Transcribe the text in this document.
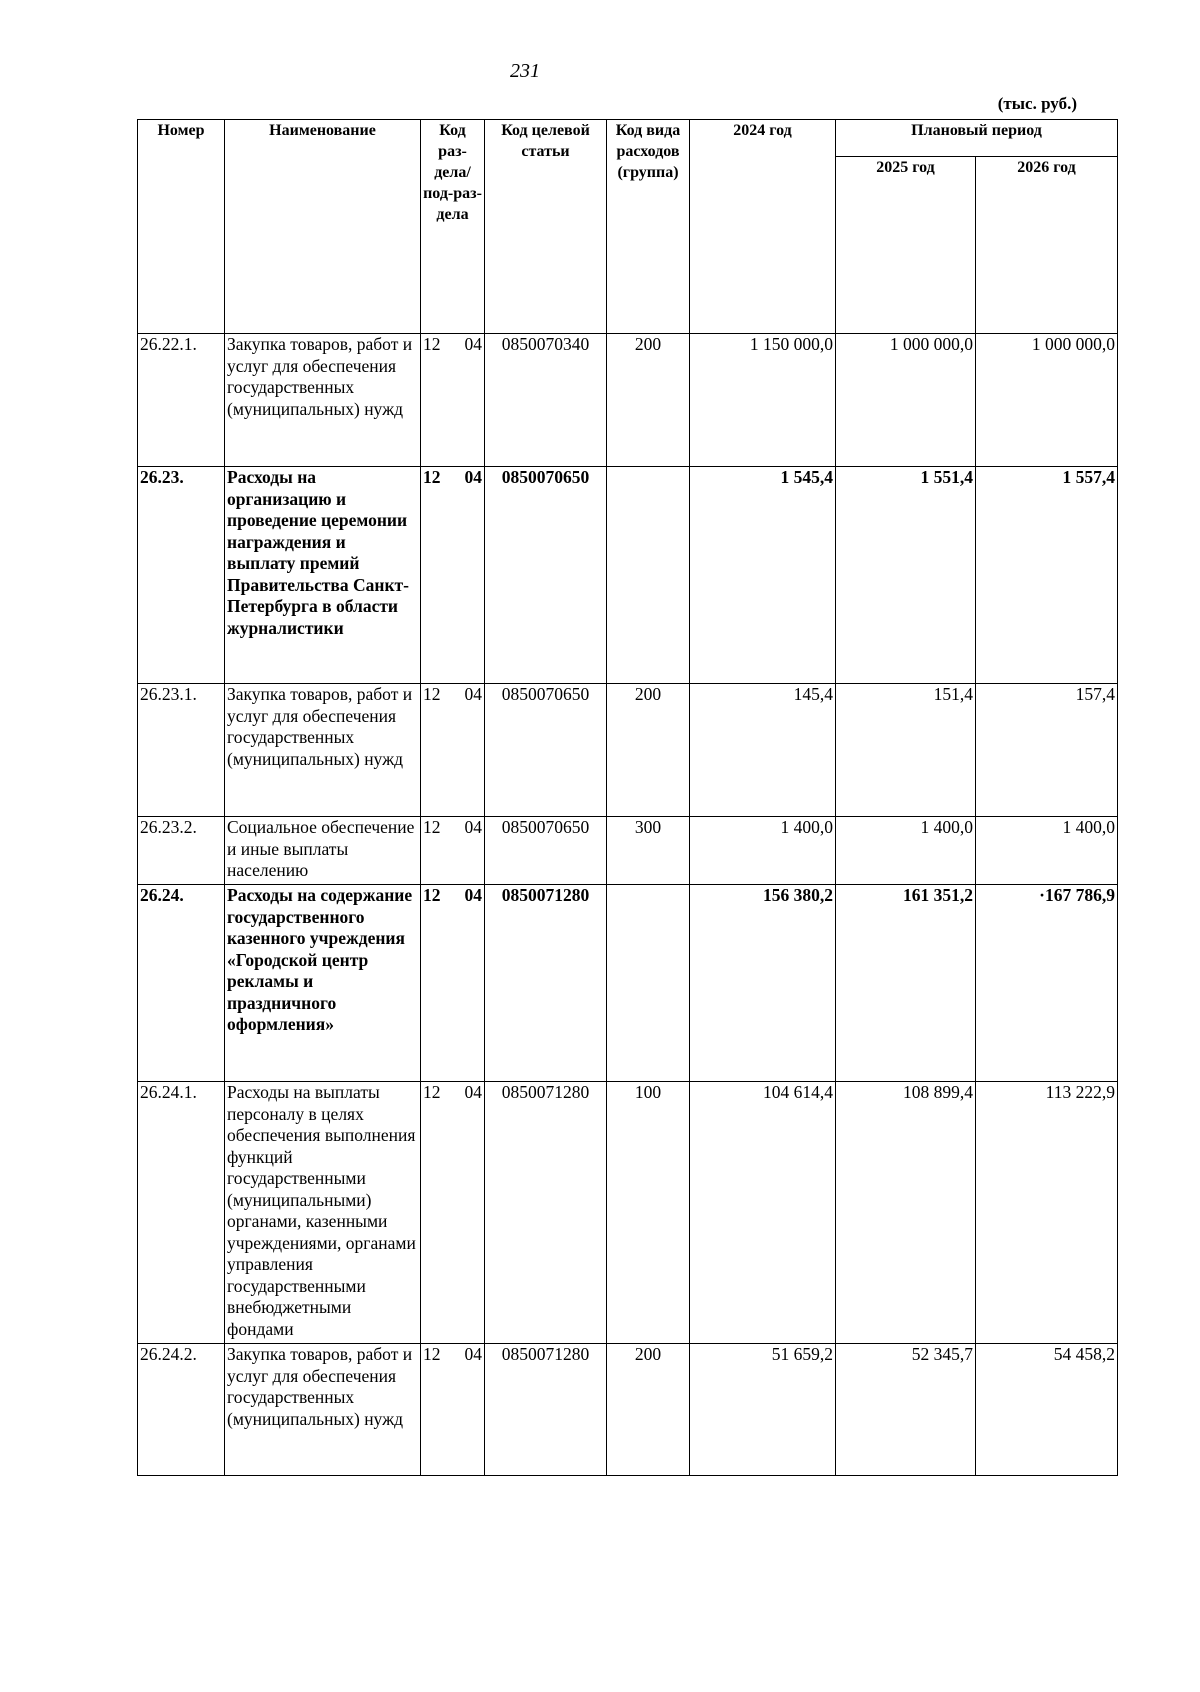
231
(тыс. руб.)
Номер	Наименование	Код раз-дела/ под-раз-дела	Код целевой статьи	Код вида расходов (группа)	2024 год	Плановый период	
						2025 год	2026 год
26.22.1.	Закупка товаров, работ и услуг для обеспечения государственных (муниципальных) нужд	12 04	0850070340	200	1 150 000,0	1 000 000,0	1 000 000,0
26.23.	Расходы на организацию и проведение церемонии награждения и выплату премий Правительства Санкт-Петербурга в области журналистики	12 04	0850070650		1 545,4	1 551,4	1 557,4
26.23.1.	Закупка товаров, работ и услуг для обеспечения государственных (муниципальных) нужд	12 04	0850070650	200	145,4	151,4	157,4
26.23.2.	Социальное обеспечение и иные выплаты населению	12 04	0850070650	300	1 400,0	1 400,0	1 400,0
26.24.	Расходы на содержание государственного казенного учреждения «Городской центр рекламы и праздничного оформления»	12 04	0850071280		156 380,2	161 351,2	·167 786,9
26.24.1.	Расходы на выплаты персоналу в целях обеспечения выполнения функций государственными (муниципальными) органами, казенными учреждениями, органами управления государственными внебюджетными фондами	12 04	0850071280	100	104 614,4	108 899,4	113 222,9
26.24.2.	Закупка товаров, работ и услуг для обеспечения государственных (муниципальных) нужд	12 04	0850071280	200	51 659,2	52 345,7	54 458,2
